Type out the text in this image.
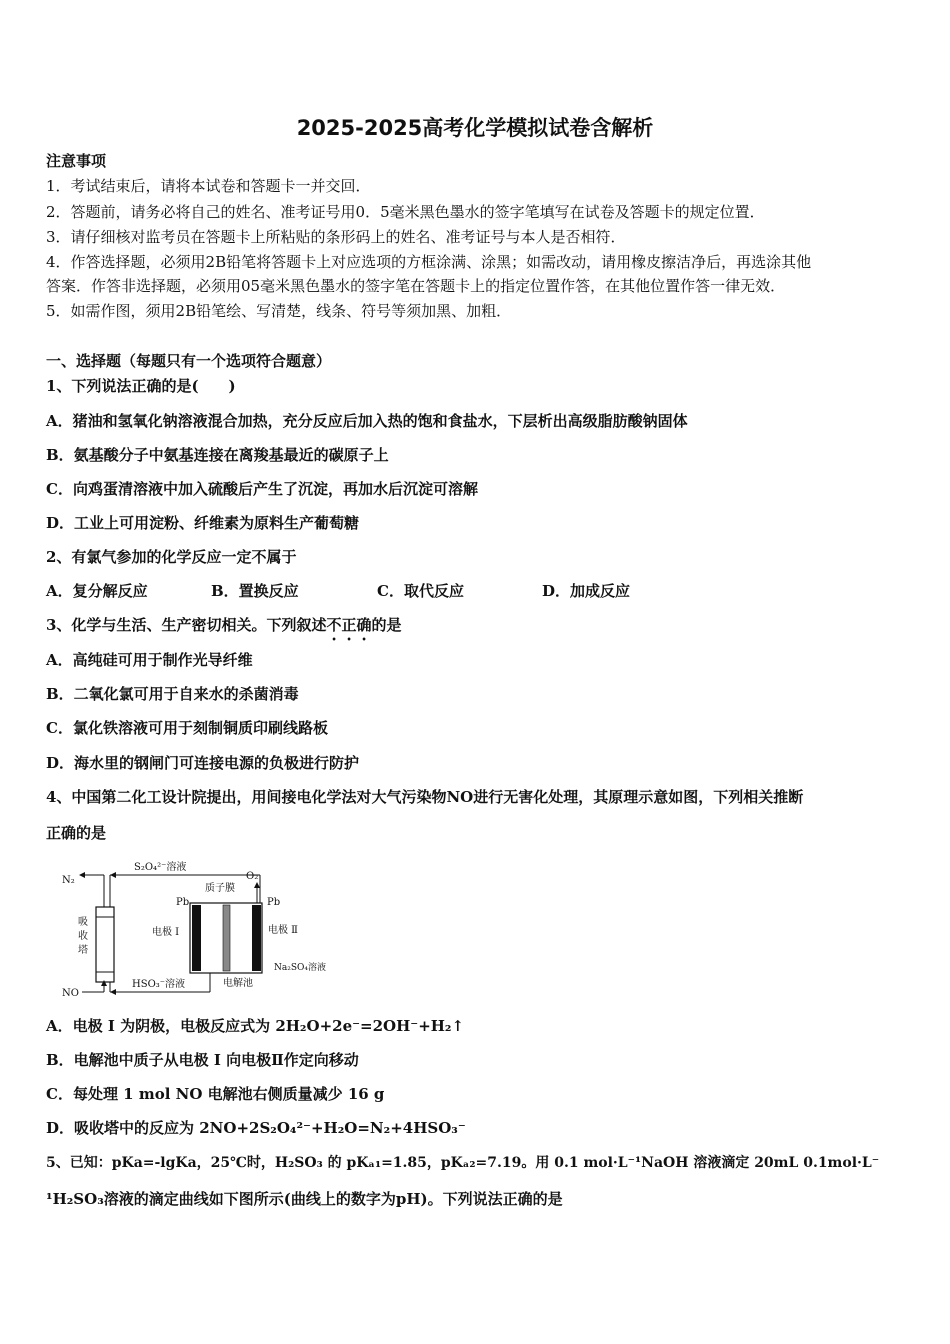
2025-2025高考化学模拟试卷含解析
注意事项
1．考试结束后，请将本试卷和答题卡一并交回．
2．答题前，请务必将自己的姓名、准考证号用0．5毫米黑色墨水的签字笔填写在试卷及答题卡的规定位置．
3．请仔细核对监考员在答题卡上所粘贴的条形码上的姓名、准考证号与本人是否相符．
4．作答选择题，必须用2B铅笔将答题卡上对应选项的方框涂满、涂黑；如需改动，请用橡皮擦洁净后，再选涂其他
答案．作答非选择题，必须用05毫米黑色墨水的签字笔在答题卡上的指定位置作答，在其他位置作答一律无效．
5．如需作图，须用2B铅笔绘、写清楚，线条、符号等须加黑、加粗．
一、选择题（每题只有一个选项符合题意）
1、下列说法正确的是(　　)
A．猪油和氢氧化钠溶液混合加热，充分反应后加入热的饱和食盐水，下层析出高级脂肪酸钠固体
B．氨基酸分子中氨基连接在离羧基最近的碳原子上
C．向鸡蛋清溶液中加入硫酸后产生了沉淀，再加水后沉淀可溶解
D．工业上可用淀粉、纤维素为原料生产葡萄糖
2、有氯气参加的化学反应一定不属于
A．复分解反应	B．置换反应	C．取代反应	D．加成反应
3、化学与生活、生产密切相关。下列叙述不正确的是
A．高纯硅可用于制作光导纤维
B．二氧化氯可用于自来水的杀菌消毒
C．氯化铁溶液可用于刻制铜质印刷线路板
D．海水里的钢闸门可连接电源的负极进行防护
4、中国第二化工设计院提出，用间接电化学法对大气污染物NO进行无害化处理，其原理示意如图，下列相关推断
正确的是
N₂
S₂O₄²⁻溶液
吸
收
塔
NO
HSO₃⁻溶液
Pb	Pb
质子膜
O₂
电极 I	电极 Ⅱ
Na₂SO₄溶液
电解池
A．电极 I 为阴极，电极反应式为 2H₂O+2e⁻=2OH⁻+H₂↑
B．电解池中质子从电极 I 向电极Ⅱ作定向移动
C．每处理 1 mol NO 电解池右侧质量减少 16 g
D．吸收塔中的反应为 2NO+2S₂O₄²⁻+H₂O=N₂+4HSO₃⁻
5、已知：pKa=-lgKa，25℃时，H₂SO₃ 的 pKₐ₁=1.85，pKₐ₂=7.19。用 0.1 mol·L⁻¹NaOH 溶液滴定 20mL 0.1mol·L⁻
¹H₂SO₃溶液的滴定曲线如下图所示(曲线上的数字为pH)。下列说法正确的是
